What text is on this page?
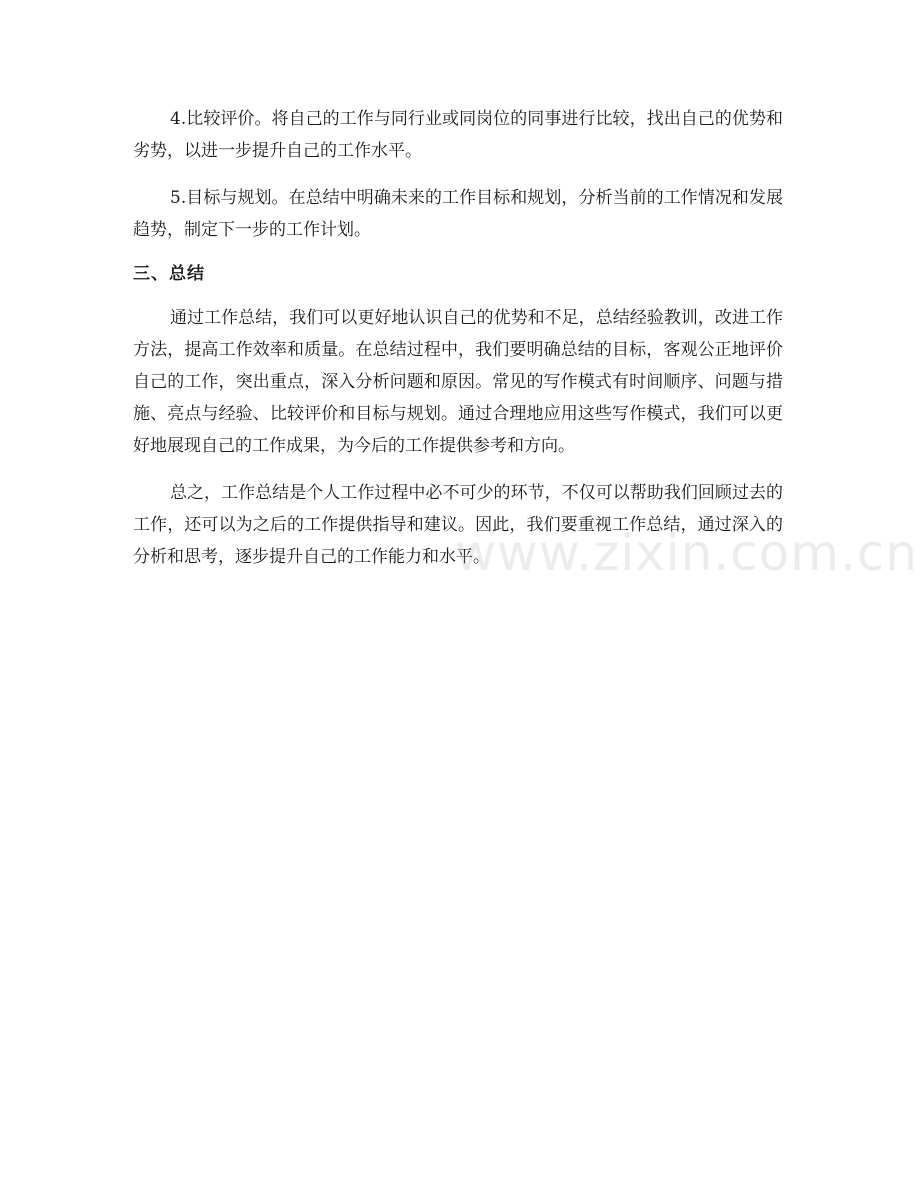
4.比较评价。将自己的工作与同行业或同岗位的同事进行比较，找出自己的优势和劣势，以进一步提升自己的工作水平。

5.目标与规划。在总结中明确未来的工作目标和规划，分析当前的工作情况和发展趋势，制定下一步的工作计划。

三、总结

通过工作总结，我们可以更好地认识自己的优势和不足，总结经验教训，改进工作方法，提高工作效率和质量。在总结过程中，我们要明确总结的目标，客观公正地评价自己的工作，突出重点，深入分析问题和原因。常见的写作模式有时间顺序、问题与措施、亮点与经验、比较评价和目标与规划。通过合理地应用这些写作模式，我们可以更好地展现自己的工作成果，为今后的工作提供参考和方向。

总之，工作总结是个人工作过程中必不可少的环节，不仅可以帮助我们回顾过去的工作，还可以为之后的工作提供指导和建议。因此，我们要重视工作总结，通过深入的分析和思考，逐步提升自己的工作能力和水平。

www.zixin.com.cn
